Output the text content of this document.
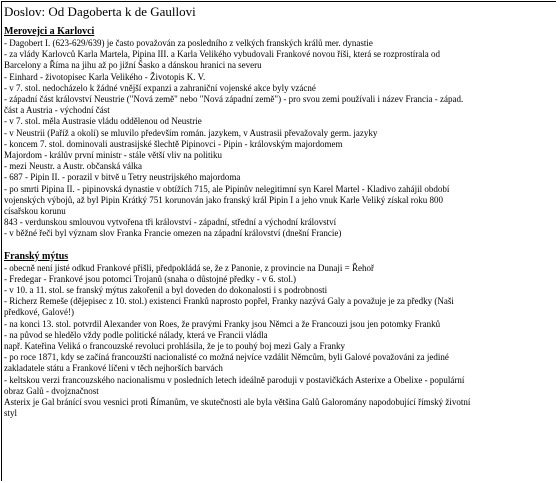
Doslov: Od Dagoberta k de Gaullovi
Merovejci a Karlovci
- Dagobert I. (623-629/639) je často považován za posledního z velkých franských králů mer. dynastie
- za vlády Karlovců Karla Martela, Pipina III. a Karla Velikého vybudovali Frankové novou říši, která se rozprostírala od
Barcelony a Říma na jihu až po jižní Šasko a dánskou hranici na severu
- Einhard - životopisec Karla Velikého - Životopis K. V.
- v 7. stol. nedocházelo k žádné vnější expanzi a zahraniční vojenské akce byly vzácné
- západní část království Neustrie ("Nová země" nebo "Nová západní země") - pro svou zemi používali i název Francia - západ.
část a Austria - východní část
- v 7. stol. měla Austrasie vládu oddělenou od Neustrie
- v Neustrii (Paříž a okolí) se mluvilo především román. jazykem, v Austrasii převažovaly germ. jazyky
- koncem 7. stol. dominovali austrasijské šlechtě Pipinovci - Pipin - královským majordomem
Majordom - králův první ministr - stále větší vliv na politiku
- mezi Neustr. a Austr. občanská válka
- 687 - Pipin II. - porazil v bitvě u Tetry neustrijského majordoma
- po smrti Pipina II. - pipinovská dynastie v obtížích 715, ale Pipinův nelegitimní syn Karel Martel - Kladivo zahájil období
vojenských výbojů, až byl Pipin Krátký 751 korunován jako franský král Pipin I a jeho vnuk Karle Veliký získal roku 800
císařskou korunu
843 - verdunskou smlouvou vytvořena tři království - západní, střední a východní království
- v běžné řeči byl význam slov Franka Francie omezen na západní království (dnešní Francie)
Franský mýtus
- obecně není jisté odkud Frankové přišli, předpokládá se, že z Panonie, z provincie na Dunaji = Řehoř
- Fredegar - Frankové jsou potomci Trojanů (snaha o důstojné předky - v 6. stol.)
- v 10. a 11. stol. se franský mýtus zakořenil a byl doveden do dokonalosti i s podrobnosti
- Richerz Remeše (dějepisec z 10. stol.) existenci Franků naprosto popřel, Franky nazývá Galy a považuje je za předky (Naši
předkové, Galové!)
- na konci 13. stol. potvrdil Alexander von Roes, že pravými Franky jsou Němci a že Francouzi jsou jen potomky Franků
- na původ se hledělo vždy podle politické nálady, která ve Francii vládla
např. Kateřina Veliká o francouzské revoluci prohlásila, že je to pouhý boj mezi Galy a Franky
- po roce 1871, kdy se začíná francouzští nacionalisté co možná nejvíce vzdálit Němcům, byli Galové považováni za jediné
zakladatele státu a Frankové líčeni v těch nejhorších barvách
- keltskou verzi francouzského nacionalismu v posledních letech ideálně paroduji v postavičkách Asterixe a Obelixe - populární
obraz Galů - dvojznačnost
Asterix je Gal bránící svou vesnici proti Římanům, ve skutečnosti ale byla většina Galů Galoromány napodobující římský životní
styl
